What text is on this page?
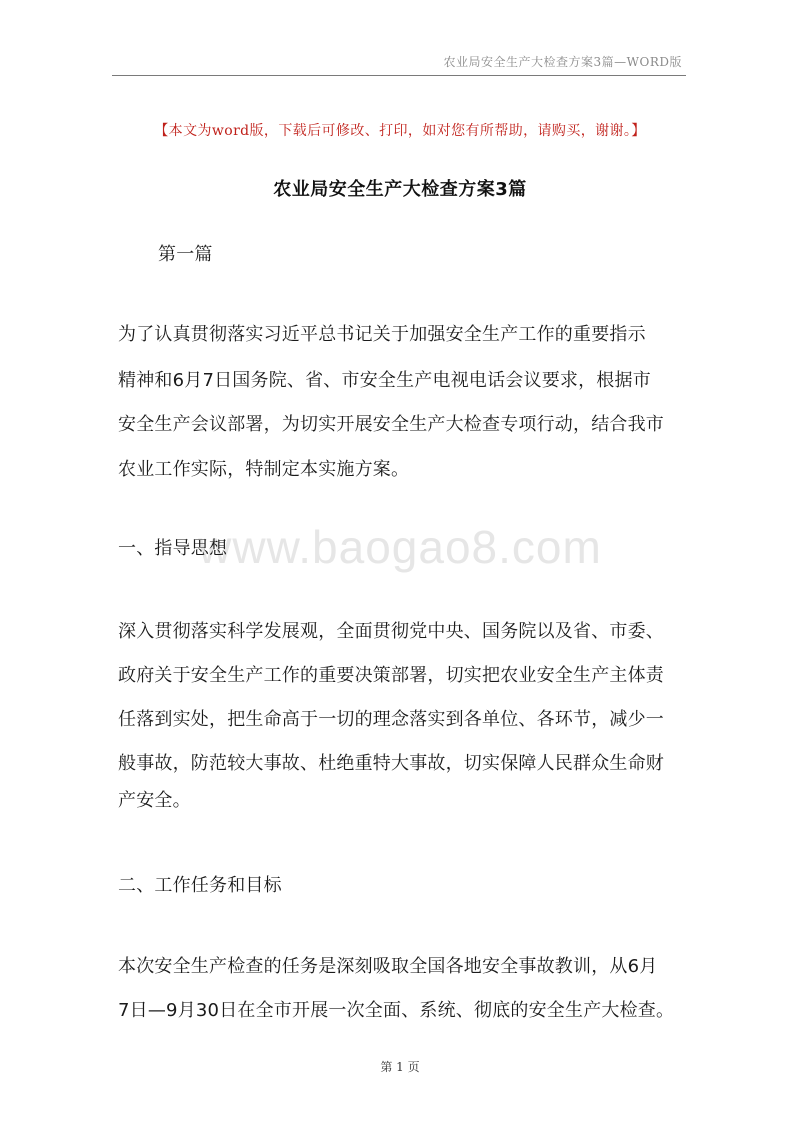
农业局安全生产大检查方案3篇—WORD版
【本文为word版，下载后可修改、打印，如对您有所帮助，请购买，谢谢。】
农业局安全生产大检查方案3篇
第一篇
为了认真贯彻落实习近平总书记关于加强安全生产工作的重要指示
精神和6月7日国务院、省、市安全生产电视电话会议要求，根据市
安全生产会议部署，为切实开展安全生产大检查专项行动，结合我市
农业工作实际，特制定本实施方案。
www.baogao8.com
一、指导思想
深入贯彻落实科学发展观，全面贯彻党中央、国务院以及省、市委、
政府关于安全生产工作的重要决策部署，切实把农业安全生产主体责
任落到实处，把生命高于一切的理念落实到各单位、各环节，减少一
般事故，防范较大事故、杜绝重特大事故，切实保障人民群众生命财
产安全。
二、工作任务和目标
本次安全生产检查的任务是深刻吸取全国各地安全事故教训，从6月
7日—9月30日在全市开展一次全面、系统、彻底的安全生产大检查。
第 1 页
